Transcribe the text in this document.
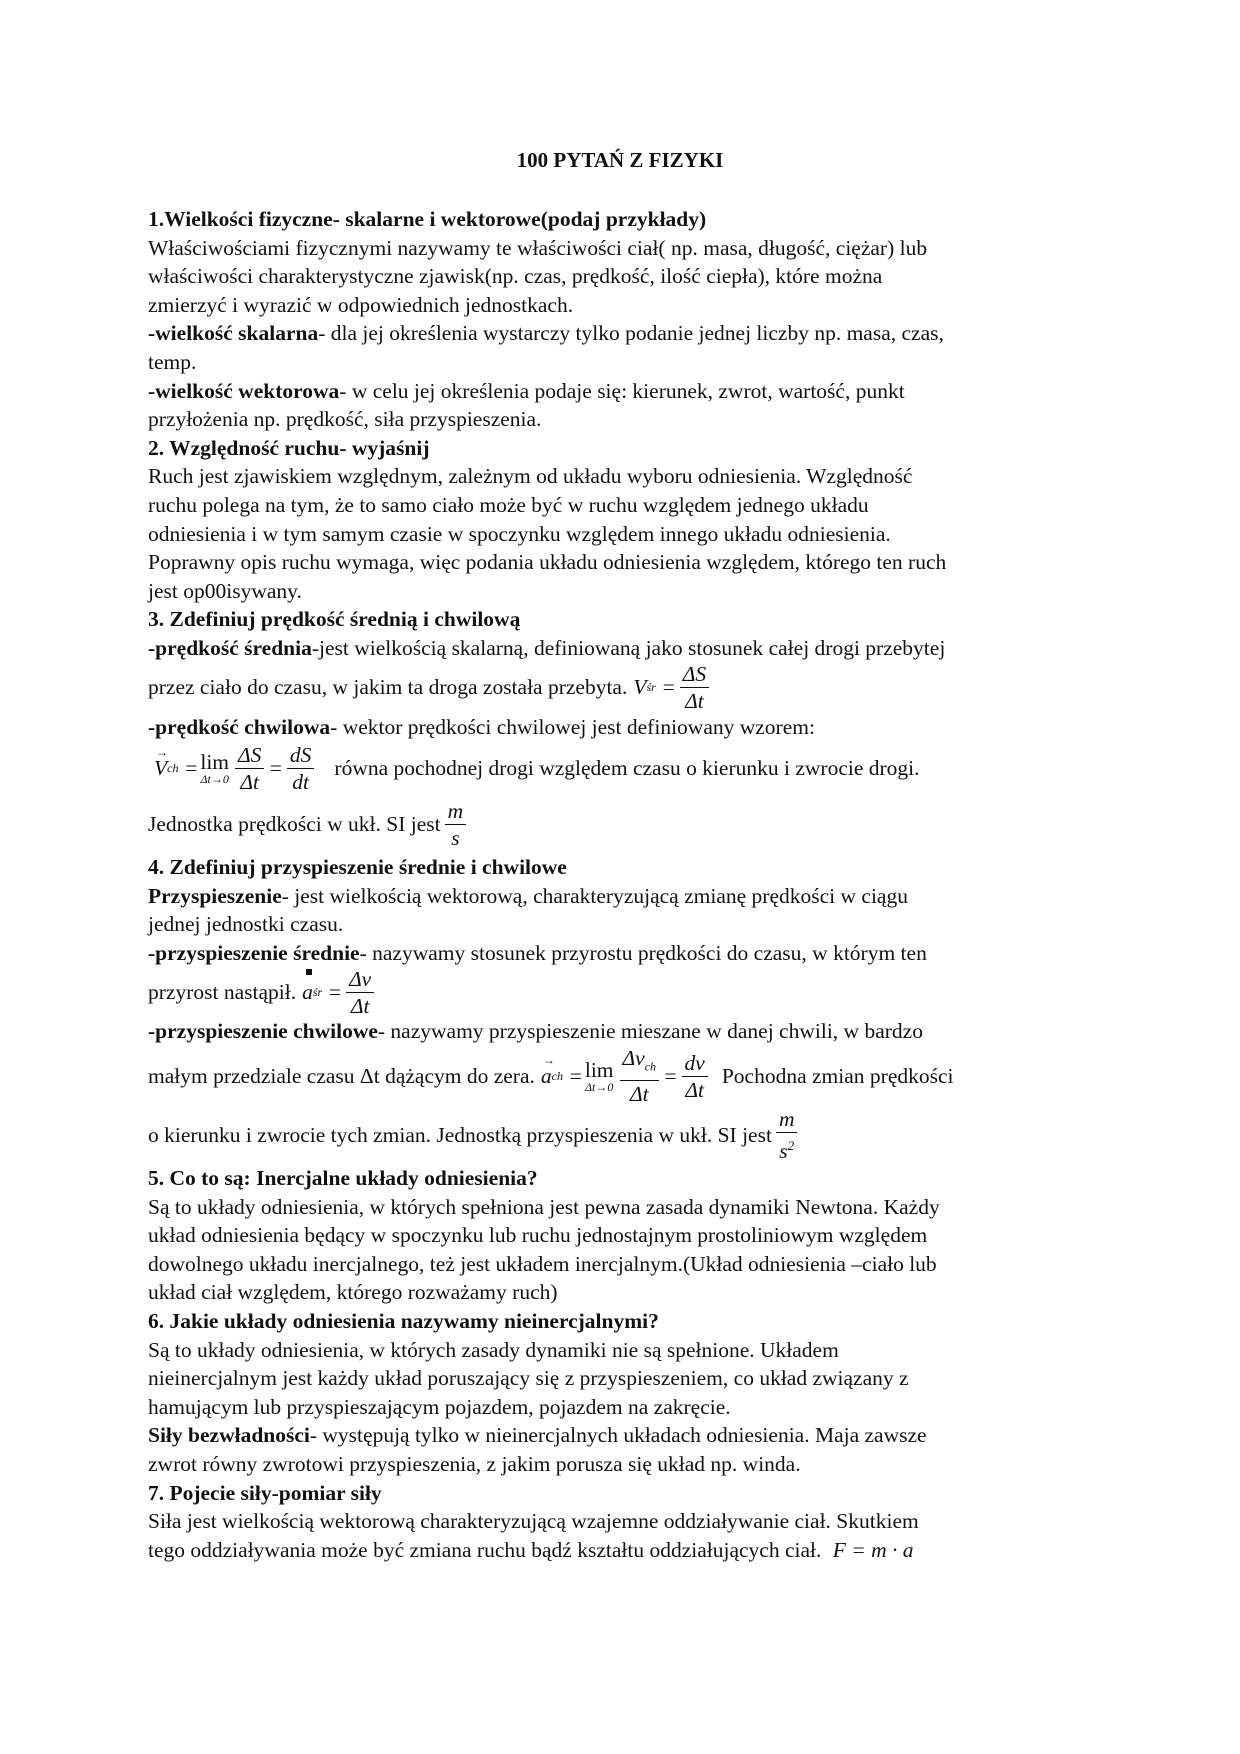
100 PYTAŃ Z FIZYKI

1.Wielkości fizyczne- skalarne i wektorowe(podaj przykłady)

Właściwościami fizycznymi nazywamy te właściwości ciał( np. masa, długość, ciężar) lub

właściwości charakterystyczne zjawisk(np. czas, prędkość, ilość ciepła), które można

zmierzyć i wyrazić w odpowiednich jednostkach.

-wielkość skalarna- dla jej określenia wystarczy tylko podanie jednej liczby np. masa, czas,

temp.

-wielkość wektorowa- w celu jej określenia podaje się: kierunek, zwrot, wartość, punkt

przyłożenia np. prędkość, siła przyspieszenia.

2. Względność ruchu- wyjaśnij

Ruch jest zjawiskiem względnym, zależnym od układu wyboru odniesienia. Względność

ruchu polega na tym, że to samo ciało może być w ruchu względem jednego układu

odniesienia i w tym samym czasie w spoczynku względem innego układu odniesienia.

Poprawny opis ruchu wymaga, więc podania układu odniesienia względem, którego ten ruch

jest op00isywany.

3. Zdefiniuj prędkość średnią i chwilową

-prędkość średnia-jest wielkością skalarną, definiowaną jako stosunek całej drogi przebytej

przez ciało do czasu, w jakim ta droga została przebyta. V śr = $\frac{\Delta S}{\Delta t}$

-prędkość chwilowa- wektor prędkości chwilowej jest definiowany wzorem:

→ V ch = lim
$\Delta t\to 0 \frac{\Delta S}{\Delta t} = \frac{dS}{dt}$ równa pochodnej drogi względem czasu o kierunku i zwrocie drogi.

Jednostka prędkości w ukł. SI jest $\frac{m}{s}$

4. Zdefiniuj przyspieszenie średnie i chwilowe

Przyspieszenie- jest wielkością wektorową, charakteryzującą zmianę prędkości w ciągu

jednej jednostki czasu.

-przyspieszenie średnie- nazywamy stosunek przyrostu prędkości do czasu, w którym ten

przyrost nastąpił. a śr = $\frac{\Delta v}{\Delta t}$

-przyspieszenie chwilowe- nazywamy przyspieszenie mieszane w danej chwili, w bardzo

małym przedziale czasu Δt dążącym do zera.
→ a ch = lim
$\Delta t\to 0 \frac{\Delta v_{ch}}{\Delta t} = \frac{dv}{\Delta t}$ Pochodna zmian prędkości

o kierunku i zwrocie tych zmian. Jednostką przyspieszenia w ukł. SI jest $\frac{m}{s^2}$

5. Co to są: Inercjalne układy odniesienia?

Są to układy odniesienia, w których spełniona jest pewna zasada dynamiki Newtona. Każdy

układ odniesienia będący w spoczynku lub ruchu jednostajnym prostoliniowym względem

dowolnego układu inercjalnego, też jest układem inercjalnym.(Układ odniesienia –ciało lub

układ ciał względem, którego rozważamy ruch)

6. Jakie układy odniesienia nazywamy nieinercjalnymi?

Są to układy odniesienia, w których zasady dynamiki nie są spełnione. Układem

nieinercjalnym jest każdy układ poruszający się z przyspieszeniem, co układ związany z

hamującym lub przyspieszającym pojazdem, pojazdem na zakręcie.

Siły bezwładności- występują tylko w nieinercjalnych układach odniesienia. Maja zawsze

zwrot równy zwrotowi przyspieszenia, z jakim porusza się układ np. winda.

7. Pojecie siły-pomiar siły

Siła jest wielkością wektorową charakteryzującą wzajemne oddziaływanie ciał. Skutkiem

tego oddziaływania może być zmiana ruchu bądź kształtu oddziałujących ciał. F = m · a
